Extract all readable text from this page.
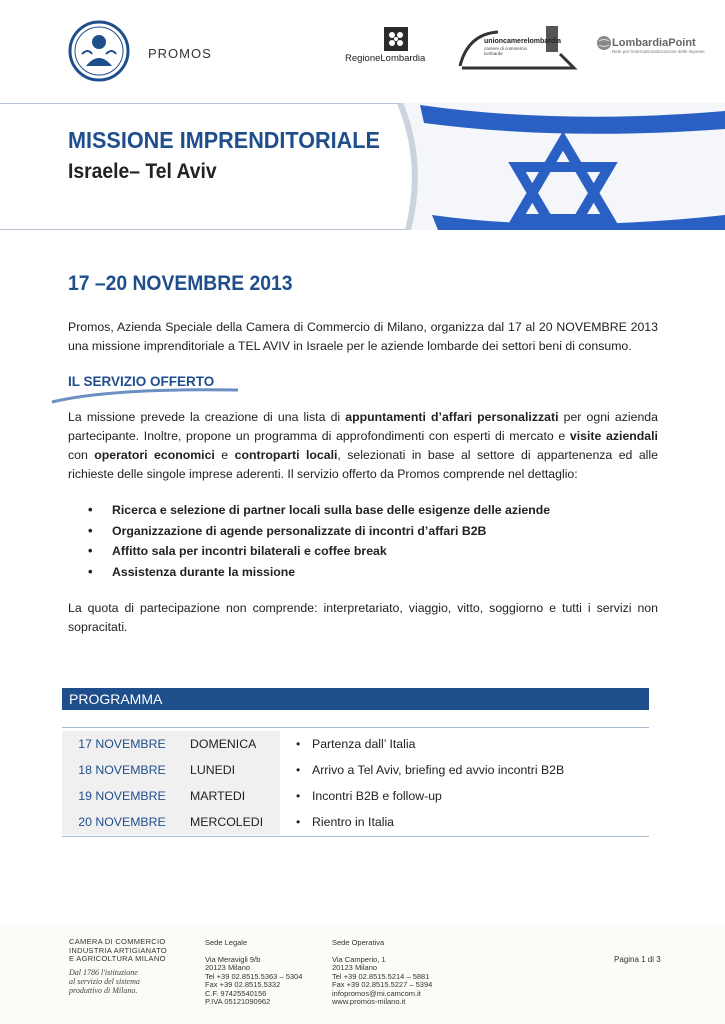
PROMOS	RegioneLombardia
unioncamerelombardia
camere di commercio lombarde
LombardiaPoint
Rete per l'internazionalizzazione delle imprese
MISSIONE IMPRENDITORIALE
Israele– Tel Aviv
17 –20 NOVEMBRE 2013
Promos, Azienda Speciale della Camera di Commercio di Milano, organizza dal 17 al 20 NOVEMBRE 2013 una missione imprenditoriale a TEL AVIV in Israele per le aziende lombarde dei settori beni di consumo.
IL SERVIZIO OFFERTO
La missione prevede la creazione di una lista di appuntamenti d’affari personalizzati per ogni azienda partecipante. Inoltre, propone un programma di approfondimenti con esperti di mercato e visite aziendali con operatori economici e controparti locali, selezionati in base al settore di appartenenza ed alle richieste delle singole imprese aderenti. Il servizio offerto da Promos comprende nel dettaglio:
• Ricerca e selezione di partner locali sulla base delle esigenze delle aziende
• Organizzazione di agende personalizzate di incontri d’affari B2B
• Affitto sala per incontri bilaterali e coffee break
• Assistenza durante la missione
La quota di partecipazione non comprende: interpretariato, viaggio, vitto, soggiorno e tutti i servizi non sopracitati.
PROGRAMMA
17 NOVEMBRE	DOMENICA		• Partenza dall’ Italia
18 NOVEMBRE	LUNEDI		• Arrivo a Tel Aviv, briefing ed avvio incontri B2B
19 NOVEMBRE	MARTEDI		• Incontri B2B e follow-up
20 NOVEMBRE	MERCOLEDI		• Rientro in Italia
CAMERA DI COMMERCIO
INDUSTRIA ARTIGIANATO
E AGRICOLTURA MILANO
Dal 1786 l'istituzione
al servizio del sistema
produttivo di Milano.
Sede Legale
Via Meravigli 9/b
20123 Milano
Tel +39 02.8515.5363 – 5304
Fax +39 02.8515.5332
C.F. 97425540156
P.IVA 05121090962
Sede Operativa
Via Camperio, 1
20123 Milano
Tel +39 02.8515.5214 – 5881
Fax +39 02.8515.5227 – 5394
infopromos@mi.camcom.it
www.promos-milano.it
Pagina 1 di 3
